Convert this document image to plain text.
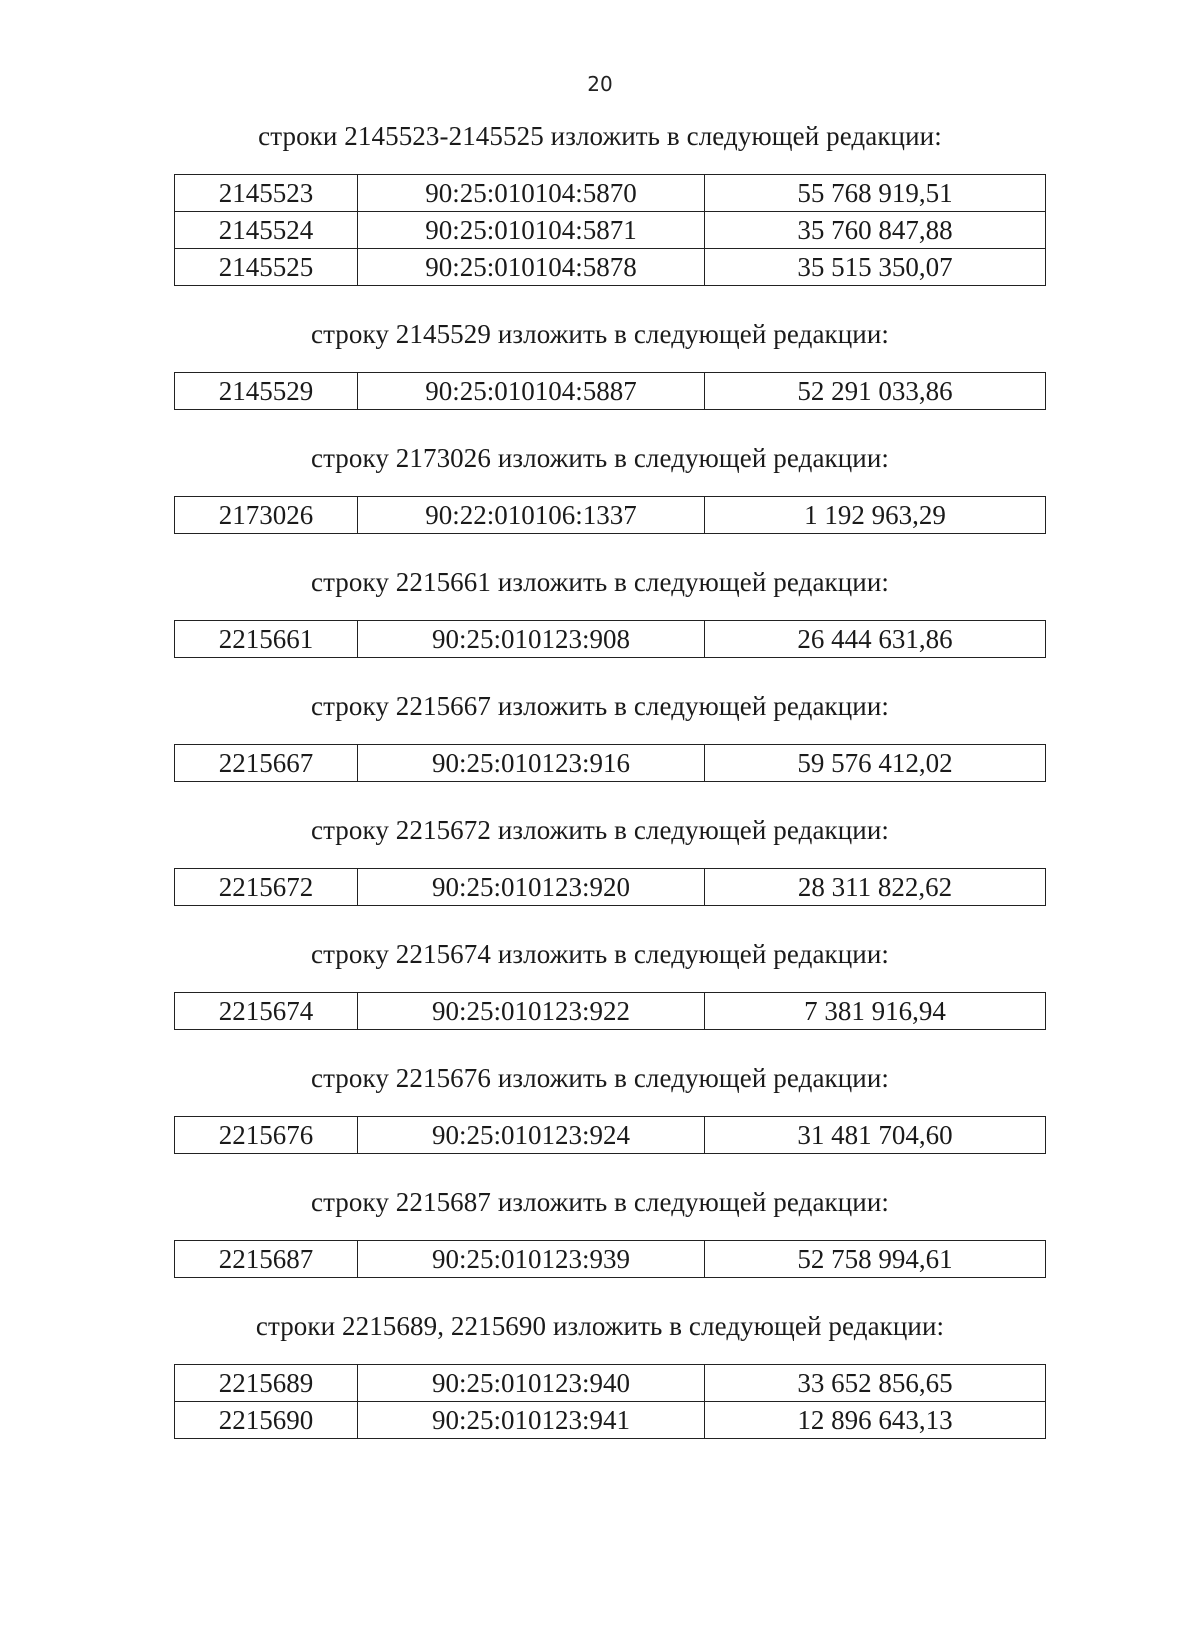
20

строки 2145523-2145525 изложить в следующей редакции:

2145523	90:25:010104:5870	55 768 919,51
2145524	90:25:010104:5871	35 760 847,88
2145525	90:25:010104:5878	35 515 350,07

строку 2145529 изложить в следующей редакции:

2145529	90:25:010104:5887	52 291 033,86

строку 2173026 изложить в следующей редакции:

2173026	90:22:010106:1337	1 192 963,29

строку 2215661 изложить в следующей редакции:

2215661	90:25:010123:908	26 444 631,86

строку 2215667 изложить в следующей редакции:

2215667	90:25:010123:916	59 576 412,02

строку 2215672 изложить в следующей редакции:

2215672	90:25:010123:920	28 311 822,62

строку 2215674 изложить в следующей редакции:

2215674	90:25:010123:922	7 381 916,94

строку 2215676 изложить в следующей редакции:

2215676	90:25:010123:924	31 481 704,60

строку 2215687 изложить в следующей редакции:

2215687	90:25:010123:939	52 758 994,61

строки 2215689, 2215690 изложить в следующей редакции:

2215689	90:25:010123:940	33 652 856,65
2215690	90:25:010123:941	12 896 643,13
